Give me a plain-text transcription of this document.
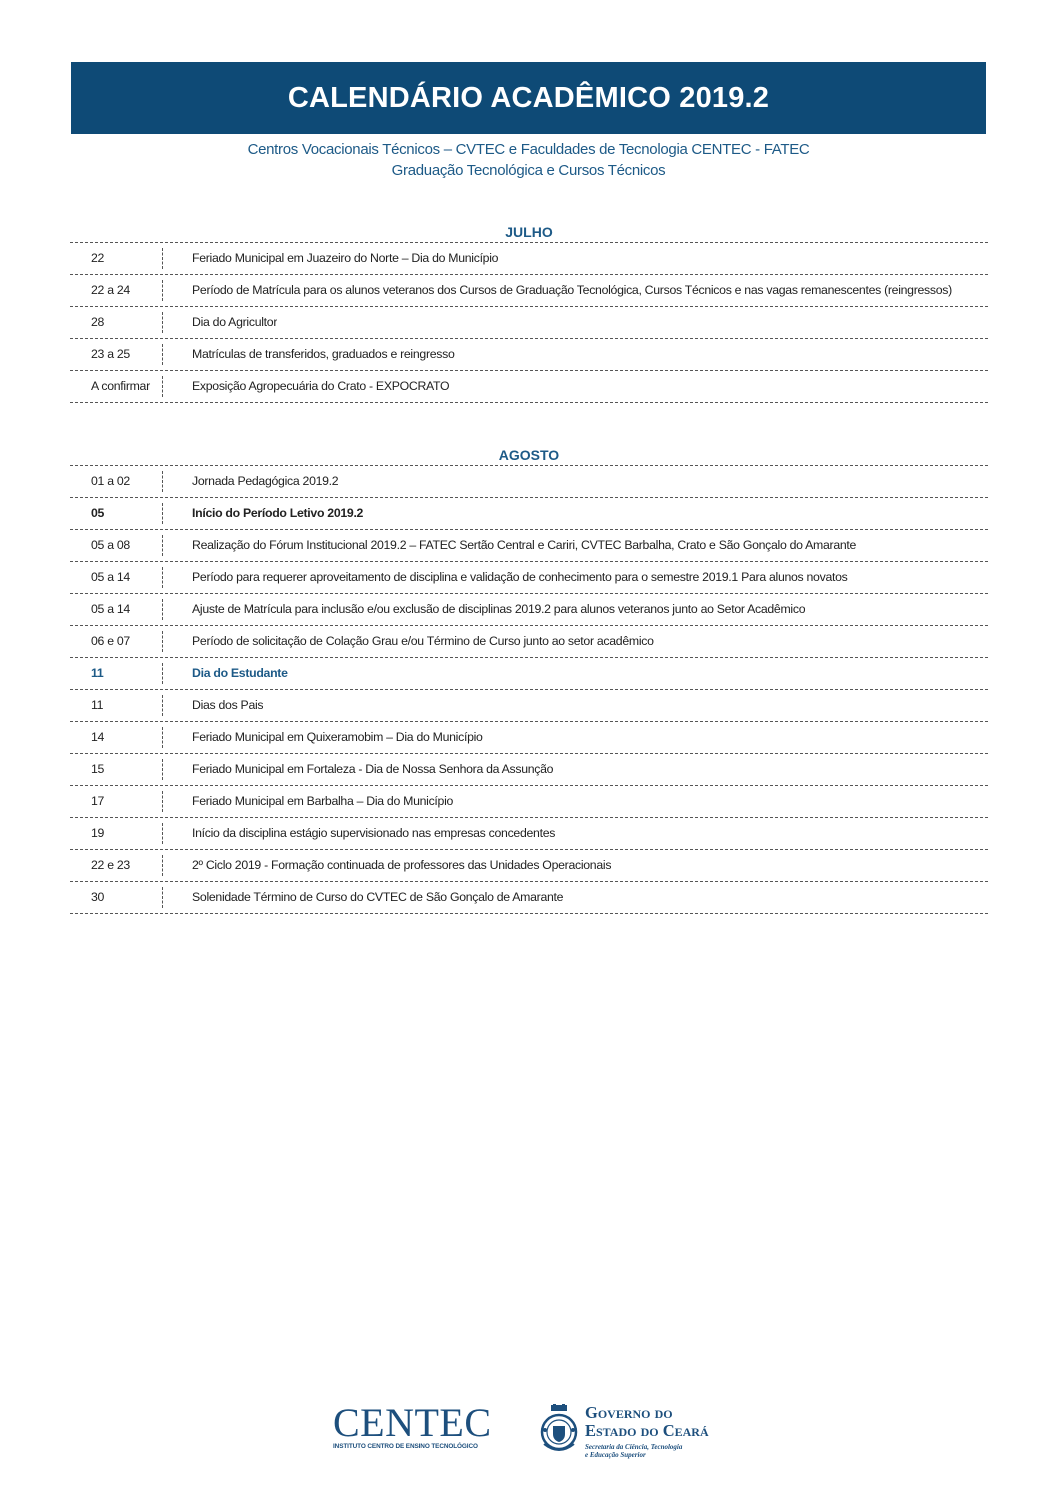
CALENDÁRIO ACADÊMICO 2019.2
Centros Vocacionais Técnicos – CVTEC e Faculdades de Tecnologia CENTEC - FATEC
Graduação Tecnológica e Cursos Técnicos
JULHO
22	Feriado Municipal em Juazeiro do Norte – Dia do Município
22 a 24	Período de Matrícula para os alunos veteranos dos Cursos de Graduação Tecnológica, Cursos Técnicos e nas vagas remanescentes (reingressos)
28	Dia do Agricultor
23 a 25	Matrículas de transferidos, graduados e reingresso
A confirmar	Exposição Agropecuária do Crato - EXPOCRATO
AGOSTO
01 a 02	Jornada Pedagógica 2019.2
05	Início do Período Letivo 2019.2
05 a 08	Realização do Fórum Institucional 2019.2 – FATEC Sertão Central e Cariri, CVTEC Barbalha, Crato e São Gonçalo do Amarante
05 a 14	Período para requerer aproveitamento de disciplina e validação de conhecimento para o semestre 2019.1 Para alunos novatos
05 a 14	Ajuste de Matrícula para inclusão e/ou exclusão de disciplinas 2019.2 para alunos veteranos junto ao Setor Acadêmico
06 e 07	Período de solicitação de Colação Grau e/ou Término de Curso junto ao setor acadêmico
11	Dia do Estudante
11	Dias dos Pais
14	Feriado Municipal em Quixeramobim – Dia do Município
15	Feriado Municipal em Fortaleza - Dia de Nossa Senhora da Assunção
17	Feriado Municipal em Barbalha – Dia do Município
19	Início da disciplina estágio supervisionado nas empresas concedentes
22 e 23	2º Ciclo 2019 - Formação continuada de professores das Unidades Operacionais
30	Solenidade Término de Curso do CVTEC de São Gonçalo de Amarante
CENTEC
INSTITUTO CENTRO DE ENSINO TECNOLÓGICO
Governo do
Estado do Ceará
Secretaria da Ciência, Tecnologia
e Educação Superior
